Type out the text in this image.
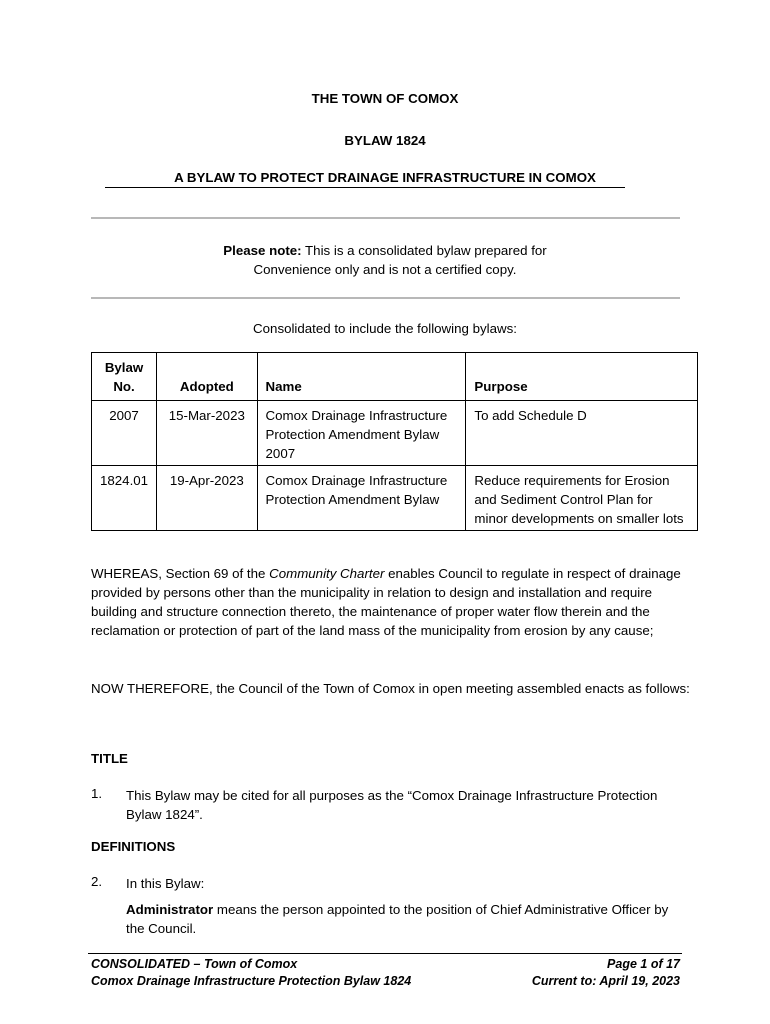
THE TOWN OF COMOX
BYLAW 1824
A BYLAW TO PROTECT DRAINAGE INFRASTRUCTURE IN COMOX
Please note: This is a consolidated bylaw prepared for
Convenience only and is not a certified copy.
Consolidated to include the following bylaws:
Bylaw No.	Adopted	Name	Purpose
2007	15-Mar-2023	Comox Drainage Infrastructure Protection Amendment Bylaw 2007	To add Schedule D
1824.01	19-Apr-2023	Comox Drainage Infrastructure Protection Amendment Bylaw	Reduce requirements for Erosion and Sediment Control Plan for minor developments on smaller lots
WHEREAS, Section 69 of the Community Charter enables Council to regulate in respect of drainage provided by persons other than the municipality in relation to design and installation and require building and structure connection thereto, the maintenance of proper water flow therein and the reclamation or protection of part of the land mass of the municipality from erosion by any cause;
NOW THEREFORE, the Council of the Town of Comox in open meeting assembled enacts as follows:
TITLE
1. This Bylaw may be cited for all purposes as the “Comox Drainage Infrastructure Protection Bylaw 1824”.
DEFINITIONS
2. In this Bylaw:
Administrator means the person appointed to the position of Chief Administrative Officer by the Council.
CONSOLIDATED – Town of Comox
Comox Drainage Infrastructure Protection Bylaw 1824
Page 1 of 17
Current to: April 19, 2023
